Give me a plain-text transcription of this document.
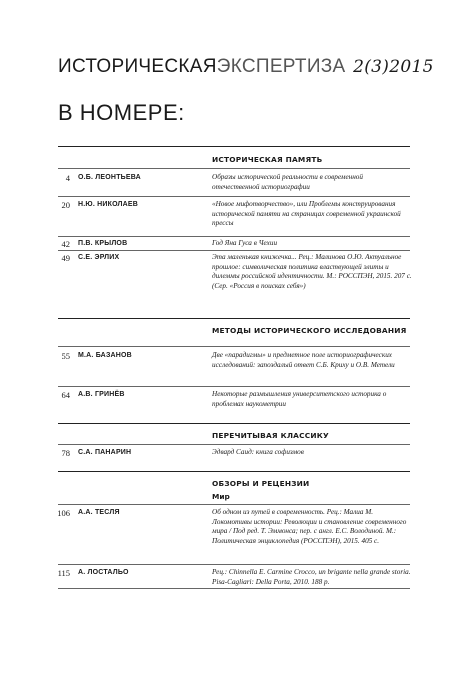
ИСТОРИЧЕСКАЯЭКСПЕРТИЗА 2(3)2015
В НОМЕРЕ:
ИСТОРИЧЕСКАЯ ПАМЯТЬ
4 О.Б. ЛЕОНТЬЕВА	Образы исторической реальности в современной отечественной историографии
20 Н.Ю. НИКОЛАЕВ	«Новое мифотворчество», или Проблемы конструирования исторической памяти на страницах современной украинской прессы
42 П.В. КРЫЛОВ	Год Яна Гуса в Чехии
49 С.Е. ЭРЛИХ	Эта маленькая книжечка... Рец.: Малинова О.Ю. Актуальное прошлое: символическая политика властвующей элиты и дилеммы российской идентичности. М.: РОССПЭН, 2015. 207 с. (Сер. «Россия в поисках себя»)
МЕТОДЫ ИСТОРИЧЕСКОГО ИССЛЕДОВАНИЯ
55 М.А. БАЗАНОВ	Две «парадигмы» и предметное поле историографических исследований: запоздалый ответ С.Б. Криху и О.В. Метели
64 А.В. ГРИНЁВ	Некоторые размышления университетского историка о проблемах наукометрии
ПЕРЕЧИТЫВАЯ КЛАССИКУ
78 С.А. ПАНАРИН	Эдвард Саид: книга софизмов
ОБЗОРЫ И РЕЦЕНЗИИ
Мир
106 А.А. ТЕСЛЯ	Об одном из путей в современность. Рец.: Малиа М. Локомотивы истории: Революции и становление современного мира / Под ред. Т. Эммонса; пер. с англ. Е.С. Володиной. М.: Политическая энциклопедия (РОССПЭН), 2015. 405 с.
115 А. ЛОСТАЛЬО	Рец.: Chinnella E. Carmine Crocco, un brigante nella grande storia. Pisa-Cagliari: Della Porta, 2010. 188 p.
